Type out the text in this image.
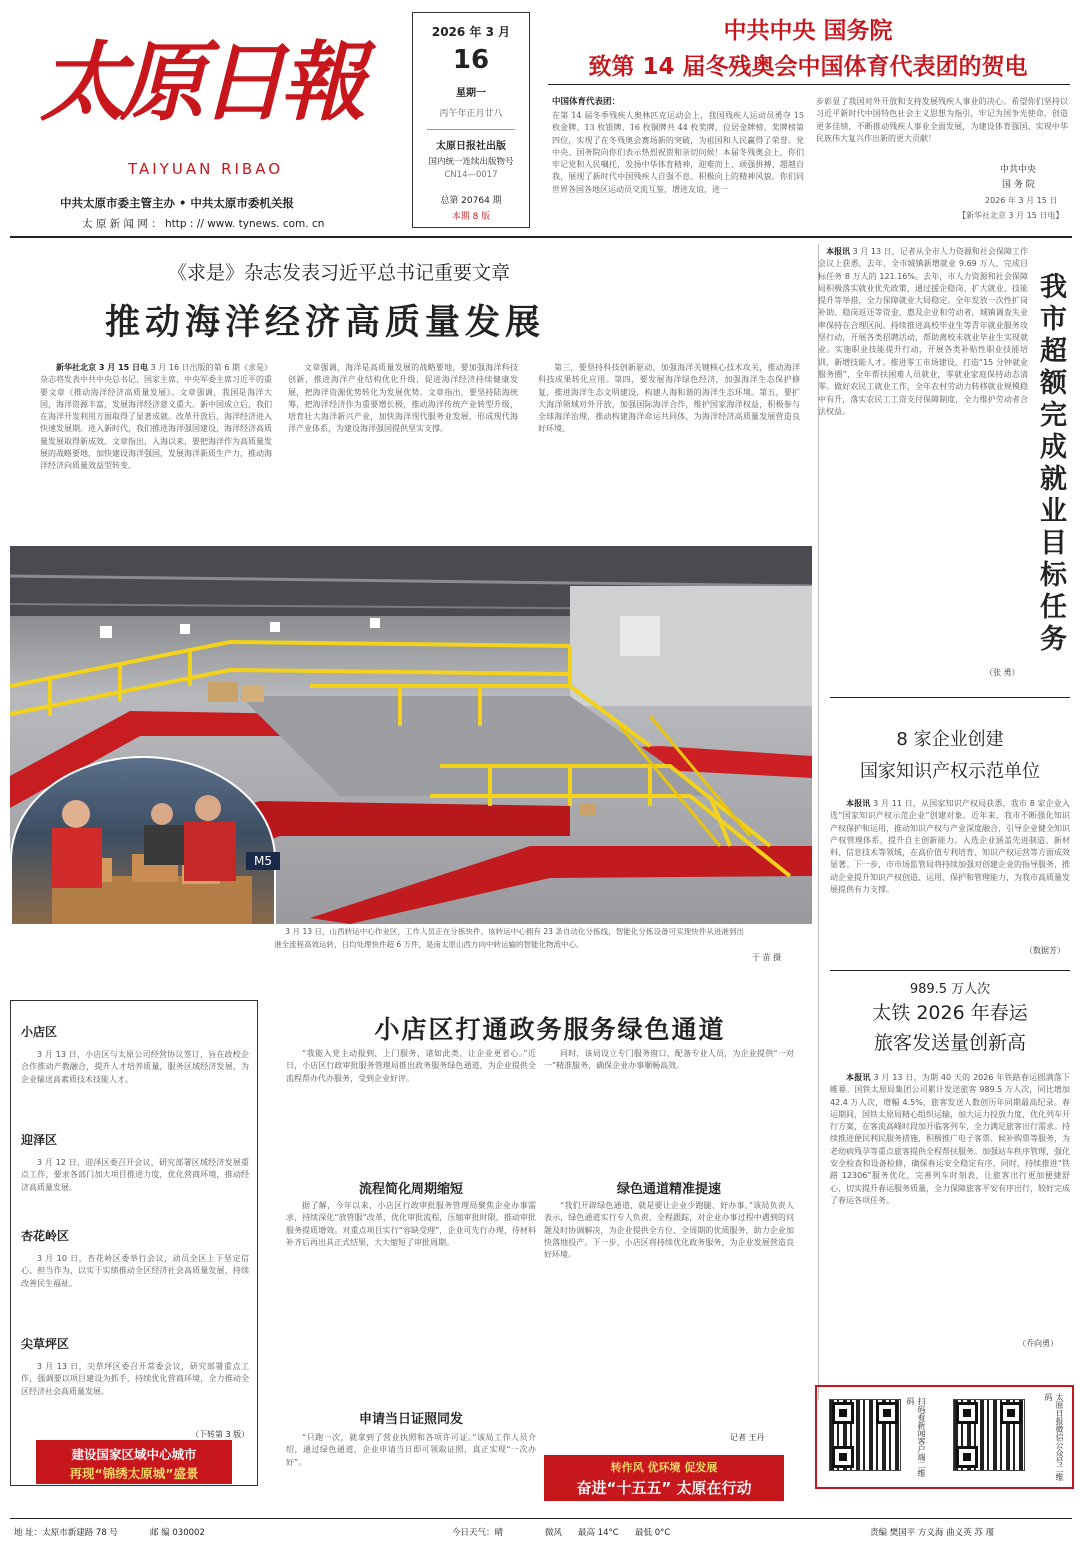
太原日報
TAIYUAN RIBAO
中共太原市委主管主办 • 中共太原市委机关报
太 原 新 闻 网 ： http : // www. tynews. com. cn
2026 年 3 月
16
星期一
丙午年正月廿八
太原日报社出版
国内统一连续出版物号
CN14—0017
总第 20764 期
本期 8 版
中共中央 国务院
致第 14 届冬残奥会中国体育代表团的贺电
中国体育代表团：
在第 14 届冬季残疾人奥林匹克运动会上，我国残疾人运动员勇夺 15 枚金牌、13 枚银牌、16 枚铜牌共 44 枚奖牌，位居金牌榜、奖牌榜第四位，实现了在冬残奥会赛场新的突破，为祖国和人民赢得了荣誉。党中央、国务院向你们表示热烈祝贺和亲切问候！本届冬残奥会上，你们牢记党和人民嘱托，发扬中华体育精神，迎难而上、顽强拼搏、超越自我，展现了新时代中国残疾人自强不息、积极向上的精神风貌。你们同世界各国各地区运动员交流互鉴，增进友谊，进一
步彰显了我国对外开放和支持发展残疾人事业的决心。希望你们坚持以习近平新时代中国特色社会主义思想为指引，牢记为国争光使命，创造更多佳绩，不断推动残疾人事业全面发展，为建设体育强国、实现中华民族伟大复兴作出新的更大贡献！
中共中央
国 务 院
2026 年 3 月 15 日
【新华社北京 3 月 15 日电】
《求是》杂志发表习近平总书记重要文章
推动海洋经济高质量发展
新华社北京 3 月 15 日电 3 月 16 日出版的第 6 期《求是》杂志将发表中共中央总书记、国家主席、中央军委主席习近平的重要文章《推动海洋经济高质量发展》。文章强调，我国是海洋大国，海洋资源丰富，发展海洋经济意义重大。新中国成立后，我们在海洋开发利用方面取得了显著成就。改革开放后，海洋经济进入快速发展期。进入新时代，我们推进海洋强国建设，海洋经济高质量发展取得新成效。文章指出，入海以来，要把海洋作为高质量发展的战略要地，加快建设海洋强国，发展海洋新质生产力，推动海洋经济向质量效益型转变。
文章强调，海洋是高质量发展的战略要地，要加强海洋科技创新，推进海洋产业结构优化升级，促进海洋经济持续健康发展，把海洋资源优势转化为发展优势。文章指出，要坚持陆海统筹，把海洋经济作为重要增长极，推动海洋传统产业转型升级，培育壮大海洋新兴产业，加快海洋现代服务业发展，形成现代海洋产业体系，为建设海洋强国提供坚实支撑。
第三，要坚持科技创新驱动，加强海洋关键核心技术攻关，推动海洋科技成果转化应用。第四，要发展海洋绿色经济，加强海洋生态保护修复，推进海洋生态文明建设，构建人海和谐的海洋生态环境。第五，要扩大海洋领域对外开放，加强国际海洋合作，维护国家海洋权益，积极参与全球海洋治理，推动构建海洋命运共同体，为海洋经济高质量发展营造良好环境。
M5
3 月 13 日，山西转运中心作业区，工作人员正在分拣快件。该转运中心拥有 23 条自动化分拣线，智能化分拣设备可实现快件从进港到出港全流程高效运转，日均处理快件超 6 万件，是南太原山西方向中转运输的智能化物流中心。
于 苗 摄
本报讯 3 月 13 日，记者从全市人力资源和社会保障工作会议上获悉，去年，全市城镇新增就业 9.69 万人，完成目标任务 8 万人的 121.16%。去年，市人力资源和社会保障局积极落实就业优先政策，通过援企稳岗、扩大就业、技能提升等举措，全力保障就业大局稳定。全年发放一次性扩岗补助、稳岗返还等资金，惠及企业和劳动者，城镇调查失业率保持在合理区间。持续推进高校毕业生等青年就业服务攻坚行动，开展各类招聘活动，帮助离校未就业毕业生实现就业。实施职业技能提升行动，开展各类补贴性职业技能培训，新增技能人才。推进零工市场建设，打造“15 分钟就业服务圈”，全年帮扶困难人员就业，零就业家庭保持动态清零。做好农民工就业工作，全年农村劳动力转移就业规模稳中有升，落实农民工工资支付保障制度，全力维护劳动者合法权益。
（张 勇）
我市超额完成就业目标任务
8 家企业创建
国家知识产权示范单位
本报讯 3 月 11 日，从国家知识产权局获悉，我市 8 家企业入选“国家知识产权示范企业”创建对象。近年来，我市不断强化知识产权保护和运用，推动知识产权与产业深度融合，引导企业健全知识产权管理体系，提升自主创新能力。入选企业涵盖先进制造、新材料、信息技术等领域，在高价值专利培育、知识产权运营等方面成效显著。下一步，市市场监管局将持续加强对创建企业的指导服务，推动企业提升知识产权创造、运用、保护和管理能力，为我市高质量发展提供有力支撑。
（数据芳）
989.5 万人次
太铁 2026 年春运
旅客发送量创新高
本报讯 3 月 13 日，为期 40 天的 2026 年铁路春运圆满落下帷幕。国铁太原局集团公司累计发送旅客 989.5 万人次，同比增加 42.4 万人次，增幅 4.5%，旅客发送人数创历年同期最高纪录。春运期间，国铁太原局精心组织运输，加大运力投放力度，优化列车开行方案，在客流高峰时段加开临客列车，全力满足旅客出行需求。持续推进便民利民服务措施，积极推广电子客票、候补购票等服务，为老幼病残孕等重点旅客提供全程帮扶服务。加强站车秩序管理，强化安全检查和设备检修，确保春运安全稳定有序。同时，持续推进“铁路 12306”服务优化，完善列车时刻表，让旅客出行更加便捷舒心，切实提升春运服务质量，全力保障旅客平安有序出行，较好完成了春运各项任务。
（乔向勇）
扫码看新闻客户端二维码	太原日报微信公众号二维码
小店区
3 月 13 日，小店区与太原公司经营协议签订，旨在政校企合作推动产教融合，提升人才培养质量，服务区域经济发展，为企业输送高素质技术技能人才。
迎泽区
3 月 12 日，迎泽区委召开会议，研究部署区域经济发展重点工作，要求各部门加大项目推进力度，优化营商环境，推动经济高质量发展。
杏花岭区
3 月 10 日，杏花岭区委举行会议，动员全区上下坚定信心、担当作为，以实干实绩推动全区经济社会高质量发展，持续改善民生福祉。
尖草坪区
3 月 13 日，尖草坪区委召开常委会议，研究部署重点工作，强调要以项目建设为抓手，持续优化营商环境，全力推动全区经济社会高质量发展。
（下转第 3 版）
建设国家区域中心城市
再现“锦绣太原城”盛景
小店区打通政务服务绿色通道
“我能入党主动报到，上门服务，诸如此类，让企业更省心。”近日，小店区行政审批服务管理局推出政务服务绿色通道，为企业提供全流程帮办代办服务，受到企业好评。
流程简化周期缩短
据了解，今年以来，小店区行政审批服务管理局聚焦企业办事需求，持续深化“放管服”改革，优化审批流程，压缩审批时限，推动审批服务提质增效。对重点项目实行“容缺受理”，企业可先行办理，待材料补齐后再出具正式结果，大大缩短了审批周期。
申请当日证照同发
“只跑一次，就拿到了营业执照和各项许可证。”该局工作人员介绍，通过绿色通道，企业申请当日即可领取证照，真正实现“一次办好”。
同时，该局设立专门服务窗口，配备专业人员，为企业提供“一对一”精准服务，确保企业办事顺畅高效。
绿色通道精准提速
“我们开辟绿色通道，就是要让企业少跑腿、好办事。”该局负责人表示，绿色通道实行专人负责、全程跟踪，对企业办事过程中遇到的问题及时协调解决，为企业提供全方位、全周期的优质服务，助力企业加快落地投产。下一步，小店区将持续优化政务服务，为企业发展营造良好环境。
记者 王丹
转作风 优环境 促发展
奋进“十五五” 太原在行动
地 址：太原市新建路 78 号	邮 编 030002	今日天气：晴	微风 最高 14°C 最低 0°C	责编 樊国平 方义海 曲义英 苏 瑾
